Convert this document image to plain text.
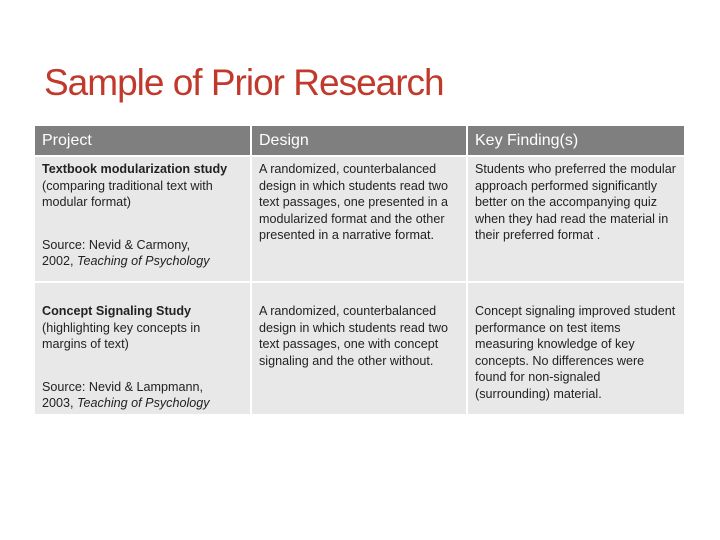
Sample of Prior Research
Project	Design	Key Finding(s)
Textbook modularization study
(comparing traditional text with modular format)
Source: Nevid & Carmony,
2002, Teaching of Psychology	A randomized, counterbalanced design in which students read two text passages, one presented in a modularized format and the other presented in a narrative format.	Students who preferred the modular approach performed significantly better on the accompanying quiz when they had read the material in their preferred format .
Concept Signaling Study
(highlighting key concepts in margins of text)
Source: Nevid & Lampmann,
2003, Teaching of Psychology	A randomized, counterbalanced design in which students read two text passages, one with concept signaling and the other without.	Concept signaling improved student performance on test items measuring knowledge of key concepts. No differences were found for non-signaled (surrounding) material.
